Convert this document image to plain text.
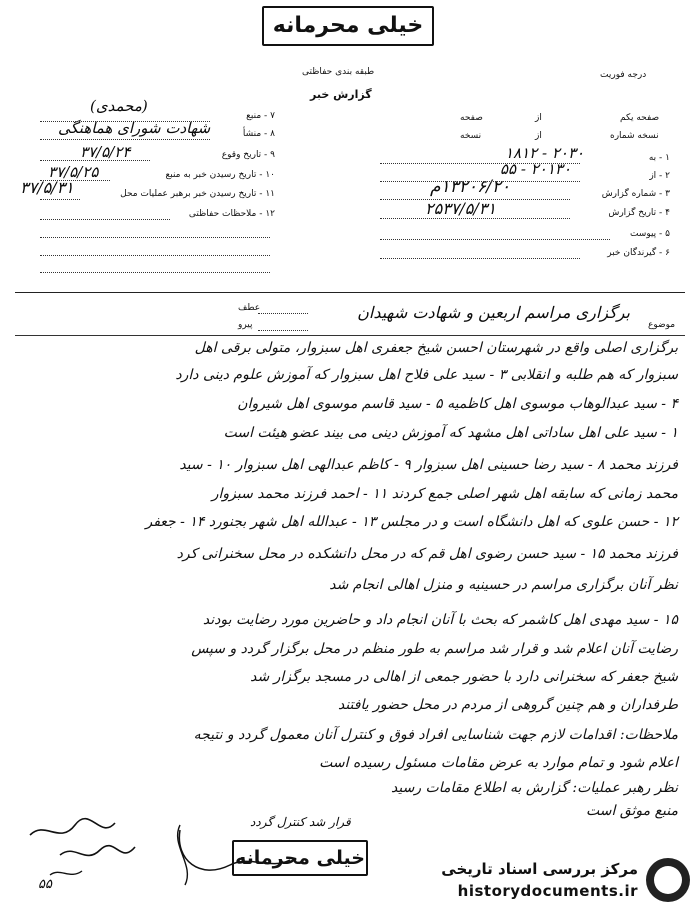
خیلی محرمانه
طبقه بندی حفاظتی	درجه فوریت
گزارش خبر
صفحه یکم
از
صفحه
نسخه شماره
از
نسخه
۱ - به
۲۰۳۰ - ۱۸۱۲
۲ - از
۲۰۱۳۰ - ۵۵
۳ - شماره گزارش
۱۳۲۰۶/۲۰م
۴ - تاریخ گزارش
۲۵۳۷/۵/۳۱
۵ - پیوست
۶ - گیرندگان خبر
۷ - منبع
(محمدی)
۸ - منشأ
شهادت شورای هماهنگی
۹ - تاریخ وقوع
۳۷/۵/۲۴
۱۰ - تاریخ رسیدن خبر به منبع
۳۷/۵/۲۵
۱۱ - تاریخ رسیدن خبر برهبر عملیات محل
۳۷/۵/۳۱
۱۲ - ملاحظات حفاظتی
موضوع
برگزاری مراسم اربعین و شهادت شهیدان
عطف
پیرو
برگزاری اصلی واقع در شهرستان احسن شیخ جعفری اهل سبزوار، متولی برقی اهل
سبزوار که هم طلبه و انقلابی ۳ - سید علی فلاح اهل سبزوار که آموزش علوم دینی دارد
۴ - سید عبدالوهاب موسوی اهل کاظمیه ۵ - سید قاسم موسوی اهل شیروان
۱ - سید علی اهل ساداتی اهل مشهد که آموزش دینی می بیند عضو هیئت است
فرزند محمد ۸ - سید رضا حسینی اهل سبزوار ۹ - کاظم عبدالهی اهل سبزوار ۱۰ - سید
محمد زمانی که سابقه اهل شهر اصلی جمع کردند ۱۱ - احمد فرزند محمد سبزوار
۱۲ - حسن علوی که اهل دانشگاه است و در مجلس ۱۳ - عبدالله اهل شهر بجنورد ۱۴ - جعفر
فرزند محمد ۱۵ - سید حسن رضوی اهل قم که در محل دانشکده در محل سخنرانی کرد
نظر آنان برگزاری مراسم در حسینیه و منزل اهالی انجام شد
۱۵ - سید مهدی اهل کاشمر که بحث با آنان انجام داد و حاضرین مورد رضایت بودند
رضایت آنان اعلام شد و قرار شد مراسم به طور منظم در محل برگزار گردد و سپس
شیخ جعفر که سخنرانی دارد با حضور جمعی از اهالی در مسجد برگزار شد
طرفداران و هم چنین گروهی از مردم در محل حضور یافتند
ملاحظات: اقدامات لازم جهت شناسایی افراد فوق و کنترل آنان معمول گردد و نتیجه
اعلام شود و تمام موارد به عرض مقامات مسئول رسیده است
نظر رهبر عملیات: گزارش به اطلاع مقامات رسید
منبع موثق است
قرار شد کنترل گردد
خیلی محرمانه
۵۵
مرکز بررسی اسناد تاریخی
historydocuments.ir
